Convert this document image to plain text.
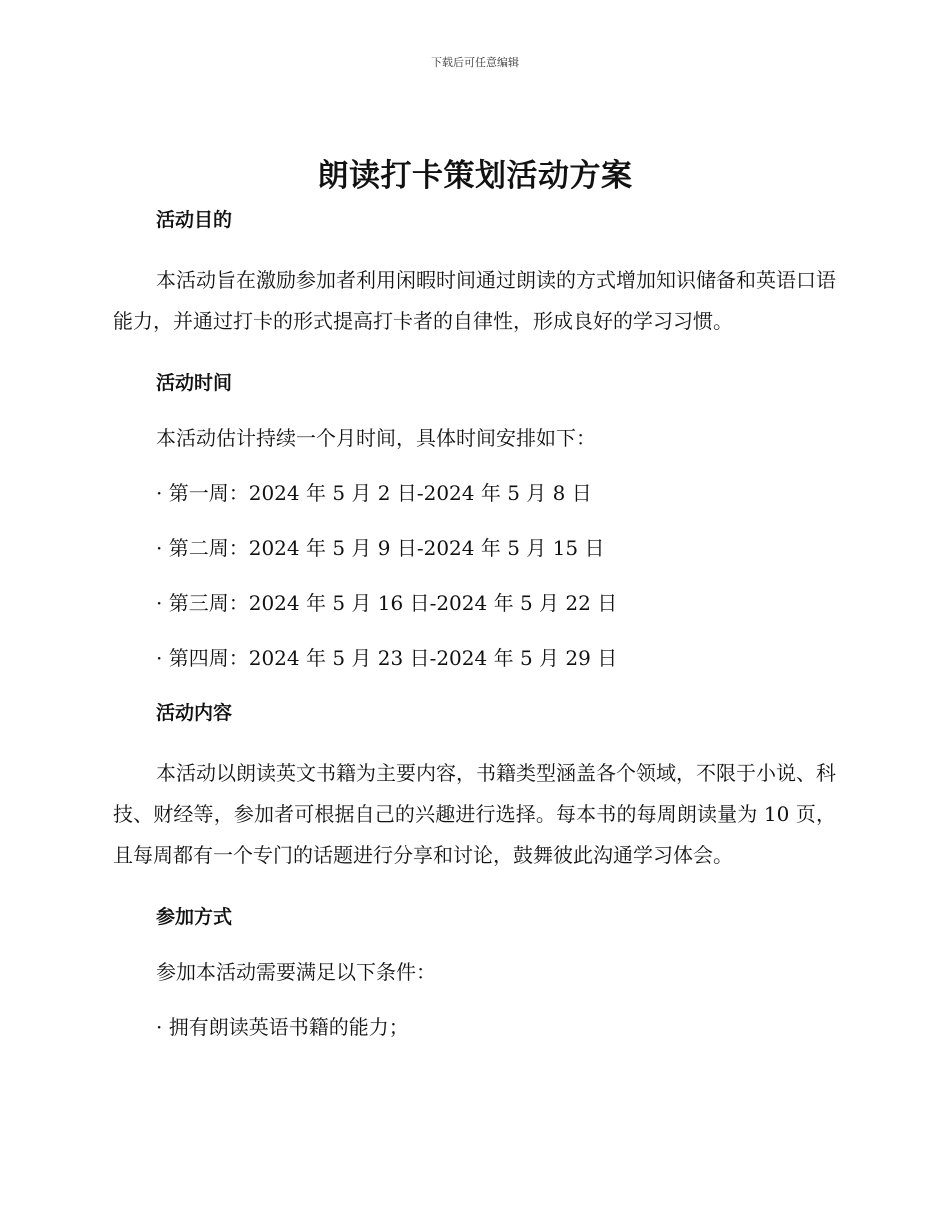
下载后可任意编辑
朗读打卡策划活动方案
活动目的

本活动旨在激励参加者利用闲暇时间通过朗读的方式增加知识储备和英语口语能力，并通过打卡的形式提高打卡者的自律性，形成良好的学习习惯。

活动时间

本活动估计持续一个月时间，具体时间安排如下：

· 第一周：2024 年 5 月 2 日-2024 年 5 月 8 日

· 第二周：2024 年 5 月 9 日-2024 年 5 月 15 日

· 第三周：2024 年 5 月 16 日-2024 年 5 月 22 日

· 第四周：2024 年 5 月 23 日-2024 年 5 月 29 日

活动内容

本活动以朗读英文书籍为主要内容，书籍类型涵盖各个领域，不限于小说、科技、财经等，参加者可根据自己的兴趣进行选择。每本书的每周朗读量为 10 页，且每周都有一个专门的话题进行分享和讨论，鼓舞彼此沟通学习体会。

参加方式

参加本活动需要满足以下条件：

· 拥有朗读英语书籍的能力；
